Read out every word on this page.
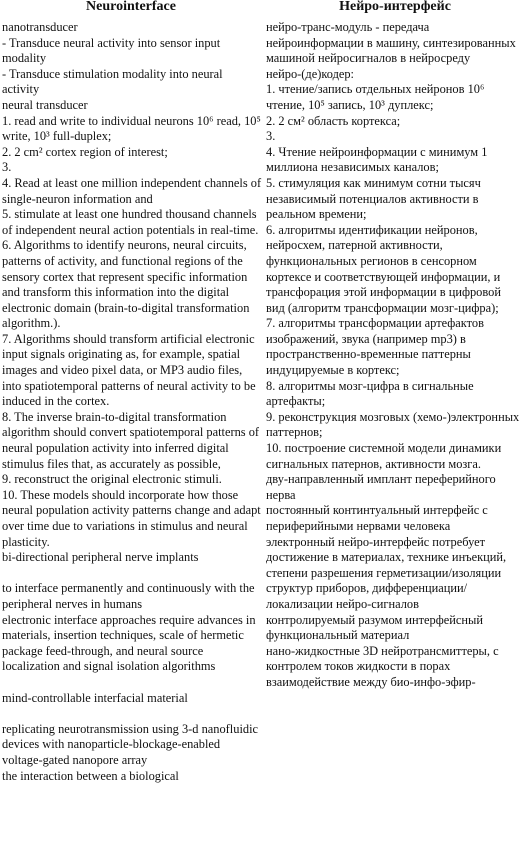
Neurointerface	Нейро-интерфейс
nanotransducer
- Transduce neural activity into sensor input modality
- Transduce stimulation modality into neural activity
neural transducer
1. read and write to individual neurons 10⁶ read, 10⁵ write, 10³ full-duplex;
2. 2 cm² cortex region of interest;
3.
4. Read at least one million independent channels of single-neuron information and
5. stimulate at least one hundred thousand channels of independent neural action potentials in real-time.
6. Algorithms to identify neurons, neural circuits, patterns of activity, and functional regions of the sensory cortex that represent specific information and transform this information into the digital electronic domain (brain-to-digital transformation algorithm.).
7. Algorithms should transform artificial electronic input signals originating as, for example, spatial images and video pixel data, or MP3 audio files, into spatiotemporal patterns of neural activity to be induced in the cortex.
8. The inverse brain-to-digital transformation algorithm should convert spatiotemporal patterns of neural population activity into inferred digital stimulus files that, as accurately as possible,
9. reconstruct the original electronic stimuli.
10. These models should incorporate how those neural population activity patterns change and adapt over time due to variations in stimulus and neural plasticity.
bi-directional peripheral nerve implants
to interface permanently and continuously with the peripheral nerves in humans
electronic interface approaches require advances in materials, insertion techniques, scale of hermetic package feed-through, and neural source localization and signal isolation algorithms
mind-controllable interfacial material
replicating neurotransmission using 3-d nanofluidic devices with nanoparticle-blockage-enabled voltage-gated nanopore array
the interaction between a biological
нейро-транс-модуль - передача нейроинформации в машину, синтезированных машиной нейросигналов в нейросреду
нейро-(де)кодер:
1. чтение/запись отдельных нейронов 10⁶ чтение, 10⁵ запись, 10³ дуплекс;
2. 2 см² область кортекса;
3.
4. Чтение нейроинформации с минимум 1 миллиона независимых каналов;
5. стимуляция как минимум сотни тысяч независимый потенциалов активности в реальном времени;
6. алгоритмы идентификации нейронов, нейросхем, патерной активности, функциональных регионов в сенсорном кортексе и соответствующей информации, и трансфорация этой информации в цифровой вид (алгоритм трансформации мозг-цифра);
7. алгоритмы трансформации артефактов изображений, звука (например mp3) в пространственно-временные паттерны индуцируемые в кортекс;
8. алгоритмы мозг-цифра в сигнальные артефакты;
9. реконструкция мозговых (хемо-)электронных паттернов;
10. построение системной модели динамики сигнальных патернов, активности мозга.
дву-направленный имплант переферийного нерва
постоянный континтуальный интерфейс с периферийными нервами человека
электронный нейро-интерфейс потребует достижение в материалах, технике инъекций, степени разрешения герметизации/изоляции структур приборов, дифференциации/локализации нейро-сигналов
контролируемый разумом интерфейсный функциональный материал
нано-жидкостные 3D нейротрансмиттеры, с контролем токов жидкости в порах
взаимодействие между био-инфо-эфир-
